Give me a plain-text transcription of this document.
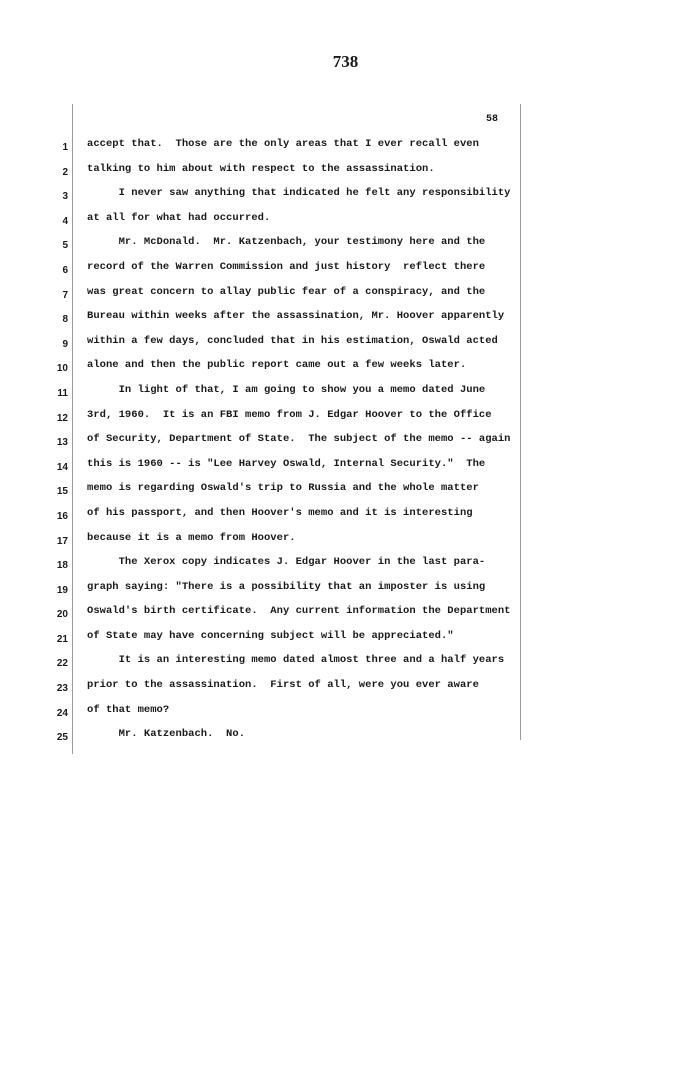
738
58
1
2
3
4
5
6
7
8
9
10
11
12
13
14
15
16
17
18
19
20
21
22
23
24
25
accept that.  Those are the only areas that I ever recall even
talking to him about with respect to the assassination.
I never saw anything that indicated he felt any responsibility
at all for what had occurred.
Mr. McDonald.  Mr. Katzenbach, your testimony here and the
record of the Warren Commission and just history  reflect there
was great concern to allay public fear of a conspiracy, and the
Bureau within weeks after the assassination, Mr. Hoover apparently
within a few days, concluded that in his estimation, Oswald acted
alone and then the public report came out a few weeks later.
In light of that, I am going to show you a memo dated June
3rd, 1960.  It is an FBI memo from J. Edgar Hoover to the Office
of Security, Department of State.  The subject of the memo -- again
this is 1960 -- is "Lee Harvey Oswald, Internal Security."  The
memo is regarding Oswald's trip to Russia and the whole matter
of his passport, and then Hoover's memo and it is interesting
because it is a memo from Hoover.
The Xerox copy indicates J. Edgar Hoover in the last para-
graph saying: "There is a possibility that an imposter is using
Oswald's birth certificate.  Any current information the Department
of State may have concerning subject will be appreciated."
It is an interesting memo dated almost three and a half years
prior to the assassination.  First of all, were you ever aware
of that memo?
Mr. Katzenbach.  No.
